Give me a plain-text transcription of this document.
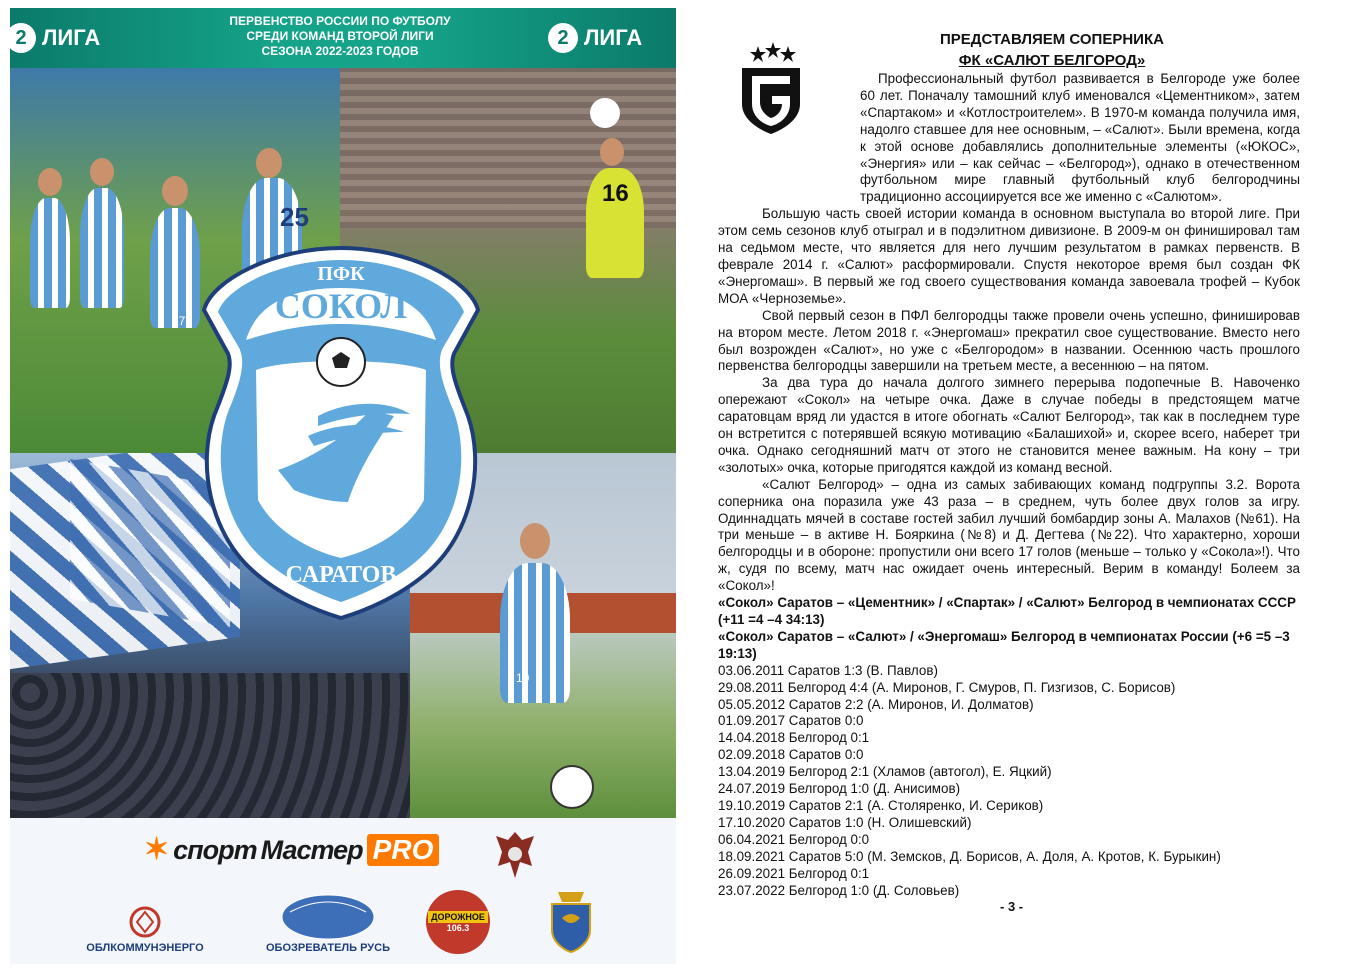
2 ЛИГА
ПЕРВЕНСТВО РОССИИ ПО ФУТБОЛУ
СРЕДИ КОМАНД ВТОРОЙ ЛИГИ
СЕЗОНА 2022-2023 ГОДОВ
2 ЛИГА
25
27
16
10
ПФК
СОКОЛ
САРАТОВ
✶ спорт Мастер PRO
ОБЛКОММУНЭНЕРГО	ОБОЗРЕВАТЕЛЬ РУСЬ
ДОРОЖНОЕ
106.3
ПРЕДСТАВЛЯЕМ СОПЕРНИКА
ФК «САЛЮТ БЕЛГОРОД»

Профессиональный футбол развивается в Белгороде уже более 60 лет. Поначалу тамошний клуб именовался «Цементником», затем «Спартаком» и «Котлостроителем». В 1970-м команда получила имя, надолго ставшее для нее основным, – «Салют». Были времена, когда к этой основе добавлялись дополнительные элементы («ЮКОС», «Энергия» или – как сейчас – «Белгород»), однако в отечественном футбольном мире главный футбольный клуб белгородчины традиционно ассоциируется все же именно с «Салютом».

Большую часть своей истории команда в основном выступала во второй лиге. При этом семь сезонов клуб отыграл и в подэлитном дивизионе. В 2009-м он финишировал там на седьмом месте, что является для него лучшим результатом в рамках первенств. В феврале 2014 г. «Салют» расформировали. Спустя некоторое время был создан ФК «Энергомаш». В первый же год своего существования команда завоевала трофей – Кубок МОА «Черноземье».

Свой первый сезон в ПФЛ белгородцы также провели очень успешно, финишировав на втором месте. Летом 2018 г. «Энергомаш» прекратил свое существование. Вместо него был возрожден «Салют», но уже с «Белгородом» в названии. Осеннюю часть прошлого первенства белгородцы завершили на третьем месте, а весеннюю – на пятом.

За два тура до начала долгого зимнего перерыва подопечные В. Навоченко опережают «Сокол» на четыре очка. Даже в случае победы в предстоящем матче саратовцам вряд ли удастся в итоге обогнать «Салют Белгород», так как в последнем туре он встретится с потерявшей всякую мотивацию «Балашихой» и, скорее всего, наберет три очка. Однако сегодняшний матч от этого не становится менее важным. На кону – три «золотых» очка, которые пригодятся каждой из команд весной.

«Салют Белгород» – одна из самых забивающих команд подгруппы 3.2. Ворота соперника она поразила уже 43 раза – в среднем, чуть более двух голов за игру. Одиннадцать мячей в составе гостей забил лучший бомбардир зоны А. Малахов (№61). На три меньше – в активе Н. Бояркина (№8) и Д. Дегтева (№22). Что характерно, хороши белгородцы и в обороне: пропустили они всего 17 голов (меньше – только у «Сокола»!). Что ж, судя по всему, матч нас ожидает очень интересный. Верим в команду! Болеем за «Сокол»!

«Сокол» Саратов – «Цементник» / «Спартак» / «Салют» Белгород в чемпионатах СССР (+11 =4 –4 34:13)

«Сокол» Саратов – «Салют» / «Энергомаш» Белгород в чемпионатах России (+6 =5 –3 19:13)

03.06.2011 Саратов 1:3 (В. Павлов)

29.08.2011 Белгород 4:4 (А. Миронов, Г. Смуров, П. Гизгизов, С. Борисов)

05.05.2012 Саратов 2:2 (А. Миронов, И. Долматов)

01.09.2017 Саратов 0:0

14.04.2018 Белгород 0:1

02.09.2018 Саратов 0:0

13.04.2019 Белгород 2:1 (Хламов (автогол), Е. Яцкий)

24.07.2019 Белгород 1:0 (Д. Анисимов)

19.10.2019 Саратов 2:1 (А. Столяренко, И. Сериков)

17.10.2020 Саратов 1:0 (Н. Олишевский)

06.04.2021 Белгород 0:0

18.09.2021 Саратов 5:0 (М. Земсков, Д. Борисов, А. Доля, А. Кротов, К. Бурыкин)

26.09.2021 Белгород 0:1

23.07.2022 Белгород 1:0 (Д. Соловьев)

- 3 -
